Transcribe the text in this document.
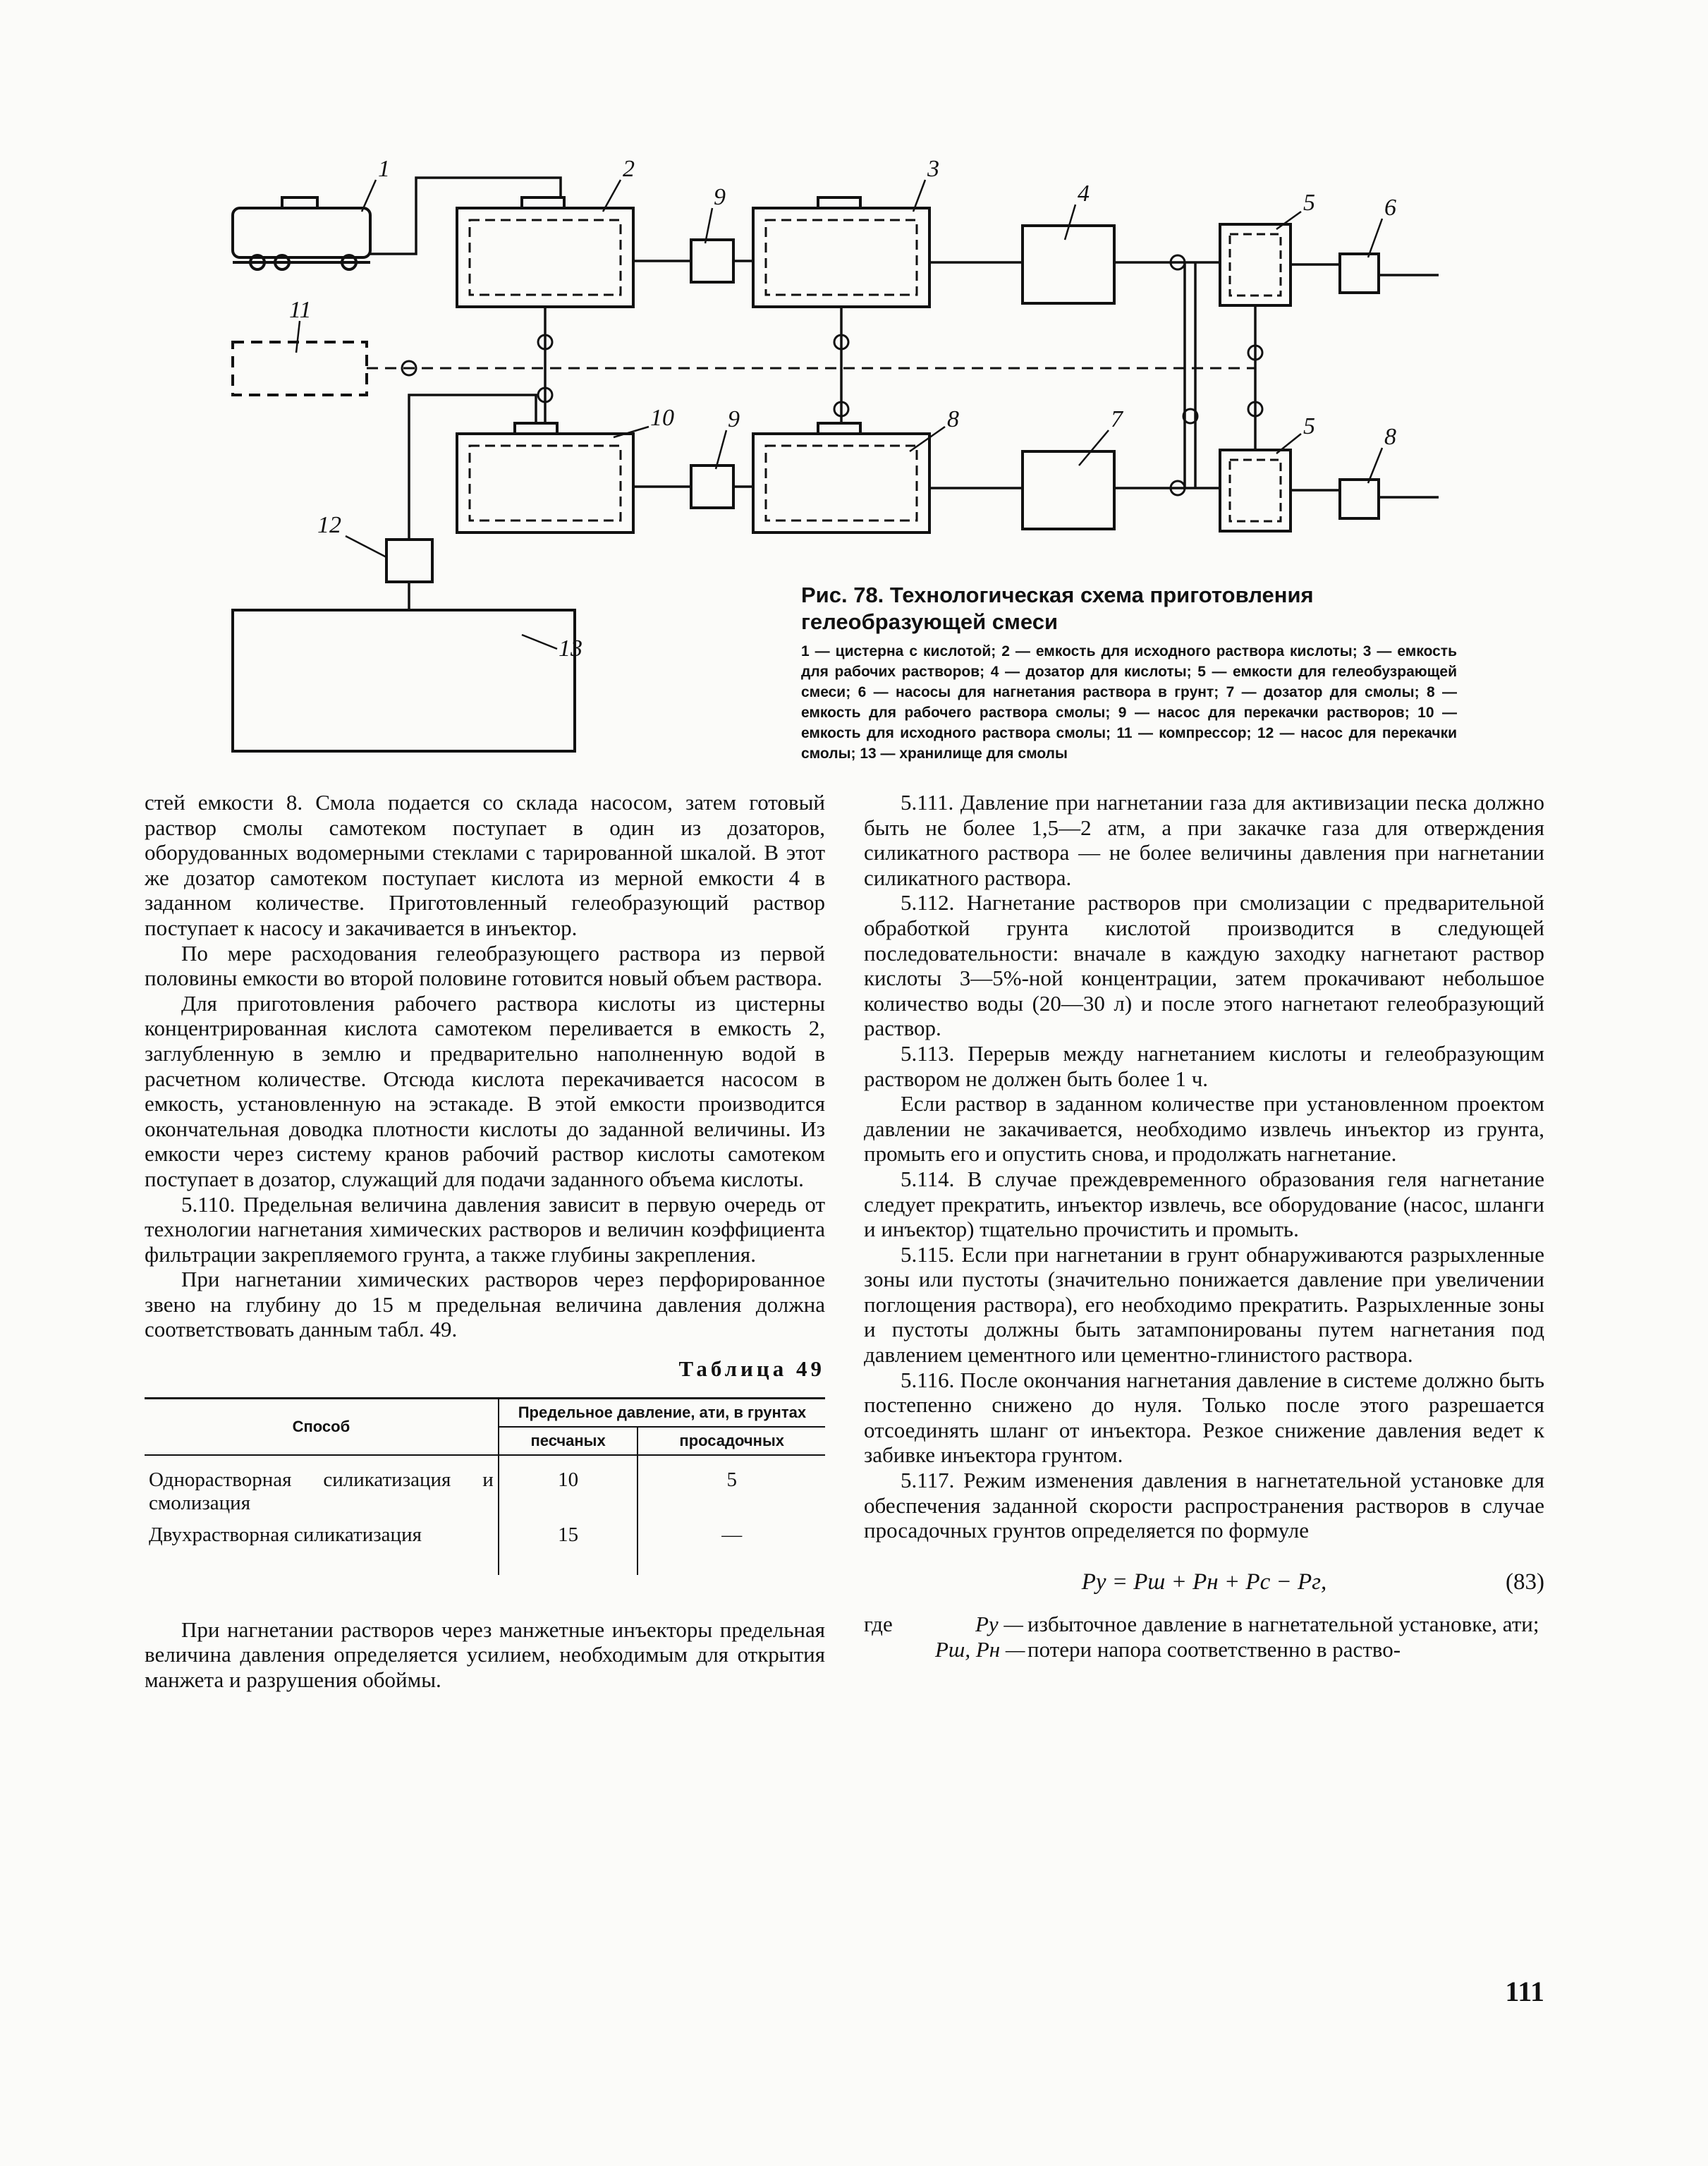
1	2	3
4	5
5
6
7
8
8
9
9
10
11
12
13

Рис. 78. Технологическая схема приготовления гелеобразующей смеси

1 — цистерна с кислотой; 2 — емкость для исходного раствора кислоты; 3 — емкость для рабочих растворов; 4 — дозатор для кислоты; 5 — емкости для гелеобузрающей смеси; 6 — насосы для нагнетания раствора в грунт; 7 — дозатор для смолы; 8 — емкость для рабочего раствора смолы; 9 — насос для перекачки растворов; 10 — емкость для исходного раствора смолы; 11 — компрессор; 12 — насос для перекачки смолы; 13 — хранилище для смолы

стей емкости 8. Смола подается со склада насосом, затем готовый раствор смолы самотеком поступает в один из дозаторов, оборудованных водомерными стеклами с тарированной шкалой. В этот же дозатор самотеком поступает кислота из мерной емкости 4 в заданном количестве. Приготовленный гелеобразующий раствор поступает к насосу и закачивается в инъектор.

По мере расходования гелеобразующего раствора из первой половины емкости во второй половине готовится новый объем раствора.

Для приготовления рабочего раствора кислоты из цистерны концентрированная кислота самотеком переливается в емкость 2, заглубленную в землю и предварительно наполненную водой в расчетном количестве. Отсюда кислота перекачивается насосом в емкость, установленную на эстакаде. В этой емкости производится окончательная доводка плотности кислоты до заданной величины. Из емкости через систему кранов рабочий раствор кислоты самотеком поступает в дозатор, служащий для подачи заданного объема кислоты.

5.110. Предельная величина давления зависит в первую очередь от технологии нагнетания химических растворов и величин коэффициента фильтрации закрепляемого грунта, а также глубины закрепления.

При нагнетании химических растворов через перфорированное звено на глубину до 15 м предельная величина давления должна соответствовать данным табл. 49.

Таблица 49
Способ	Предельное давление, ати, в грунтах	
	песчаных	просадочных
Однорастворная силикатизация и смолизация	10	5
Двухрастворная силикатизация	15	—

При нагнетании растворов через манжетные инъекторы предельная величина давления определяется усилием, необходимым для открытия манжета и разрушения обоймы.

5.111. Давление при нагнетании газа для активизации песка должно быть не более 1,5—2 атм, а при закачке газа для отверждения силикатного раствора — не более величины давления при нагнетании силикатного раствора.

5.112. Нагнетание растворов при смолизации с предварительной обработкой грунта кислотой производится в следующей последовательности: вначале в каждую заходку нагнетают раствор кислоты 3—5%-ной концентрации, затем прокачивают небольшое количество воды (20—30 л) и после этого нагнетают гелеобразующий раствор.

5.113. Перерыв между нагнетанием кислоты и гелеобразующим раствором не должен быть более 1 ч.

Если раствор в заданном количестве при установленном проектом давлении не закачивается, необходимо извлечь инъектор из грунта, промыть его и опустить снова, и продолжать нагнетание.

5.114. В случае преждевременного образования геля нагнетание следует прекратить, инъектор извлечь, все оборудование (насос, шланги и инъектор) тщательно прочистить и промыть.

5.115. Если при нагнетании в грунт обнаруживаются разрыхленные зоны или пустоты (значительно понижается давление при увеличении поглощения раствора), его необходимо прекратить. Разрыхленные зоны и пустоты должны быть затампонированы путем нагнетания под давлением цементного или цементно-глинистого раствора.

5.116. После окончания нагнетания давление в системе должно быть постепенно снижено до нуля. Только после этого разрешается отсоединять шланг от инъектора. Резкое снижение давления ведет к забивке инъектора грунтом.

5.117. Режим изменения давления в нагнетательной установке для обеспечения заданной скорости распространения растворов в случае просадочных грунтов определяется по формуле

Pу = Pш + Pн + Pс − Pг,	(83)
где	Pу — избыточное давление в нагнетательной установке, ати;
Pш, Pн — потери напора соответственно в раство-
111
